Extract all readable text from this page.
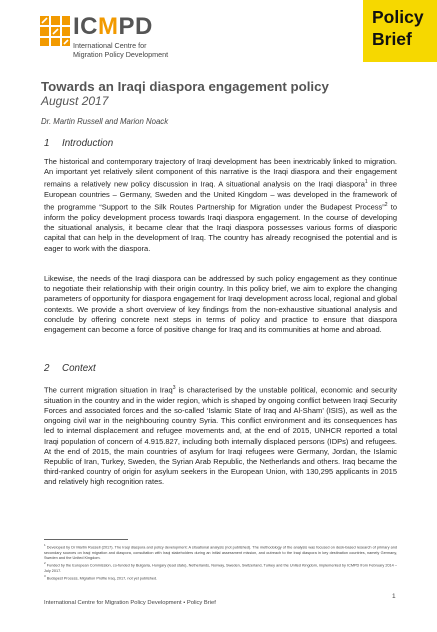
ICMPD
International Centre for
Migration Policy Development
Policy
Brief
Towards an Iraqi diaspora engagement policy
August 2017
Dr. Martin Russell and Marion Noack
1 Introduction

The historical and contemporary trajectory of Iraqi development has been inextricably linked to migration. An important yet relatively silent component of this narrative is the Iraqi diaspora and their engagement remains a relatively new policy discussion in Iraq. A situational analysis on the Iraqi diaspora$^1$ in three European countries – Germany, Sweden and the United Kingdom – was developed in the framework of the programme “Support to the Silk Routes Partnership for Migration under the Budapest Process”$^2$ to inform the policy development process towards Iraqi diaspora engagement. In the course of developing the situational analysis, it became clear that the Iraqi diaspora possesses various forms of diasporic capital that can help in the development of Iraq. The country has already recognised the potential and is eager to work with the diaspora.

Likewise, the needs of the Iraqi diaspora can be addressed by such policy engagement as they continue to negotiate their relationship with their origin country. In this policy brief, we aim to explore the changing parameters of opportunity for diaspora engagement for Iraqi development across local, regional and global contexts. We provide a short overview of key findings from the non-exhaustive situational analysis and conclude by offering concrete next steps in terms of policy and practice to ensure that diaspora engagement can become a force of positive change for Iraq and its communities at home and abroad.

2 Context

The current migration situation in Iraq$^3$ is characterised by the unstable political, economic and security situation in the country and in the wider region, which is shaped by ongoing conflict between Iraqi Security Forces and associated forces and the so-called ‘Islamic State of Iraq and Al-Sham’ (ISIS), as well as the ongoing civil war in the neighbouring country Syria. This conflict environment and its consequences has led to internal displacement and refugee movements and, at the end of 2015, UNHCR reported a total Iraqi population of concern of 4.915.827, including both internally displaced persons (IDPs) and refugees. At the end of 2015, the main countries of asylum for Iraqi refugees were Germany, Jordan, the Islamic Republic of Iran, Turkey, Sweden, the Syrian Arab Republic, the Netherlands and others. Iraq became the third-ranked country of origin for asylum seekers in the European Union, with 130,295 applicants in 2015 and relatively high recognition rates.

$^1$ Developed by Dr Martin Russell (2017). The Iraqi diaspora and policy development: A situational analysis (not published). The methodology of the analysis was focused on desk-based research of primary and secondary sources on Iraqi migration and diaspora, consultation with Iraqi stakeholders during an initial assessment mission, and outreach to the Iraqi diaspora in key destination countries, namely Germany, Sweden and the United Kingdom.

$^2$ Funded by the European Commission, co-funded by Bulgaria, Hungary (lead state), Netherlands, Norway, Sweden, Switzerland, Turkey and the United Kingdom, implemented by ICMPD from February 2014 – July 2017.

$^3$ Budapest Process, Migration Profile Iraq, 2017, not yet published.

International Centre for Migration Policy Development • Policy Brief
1
